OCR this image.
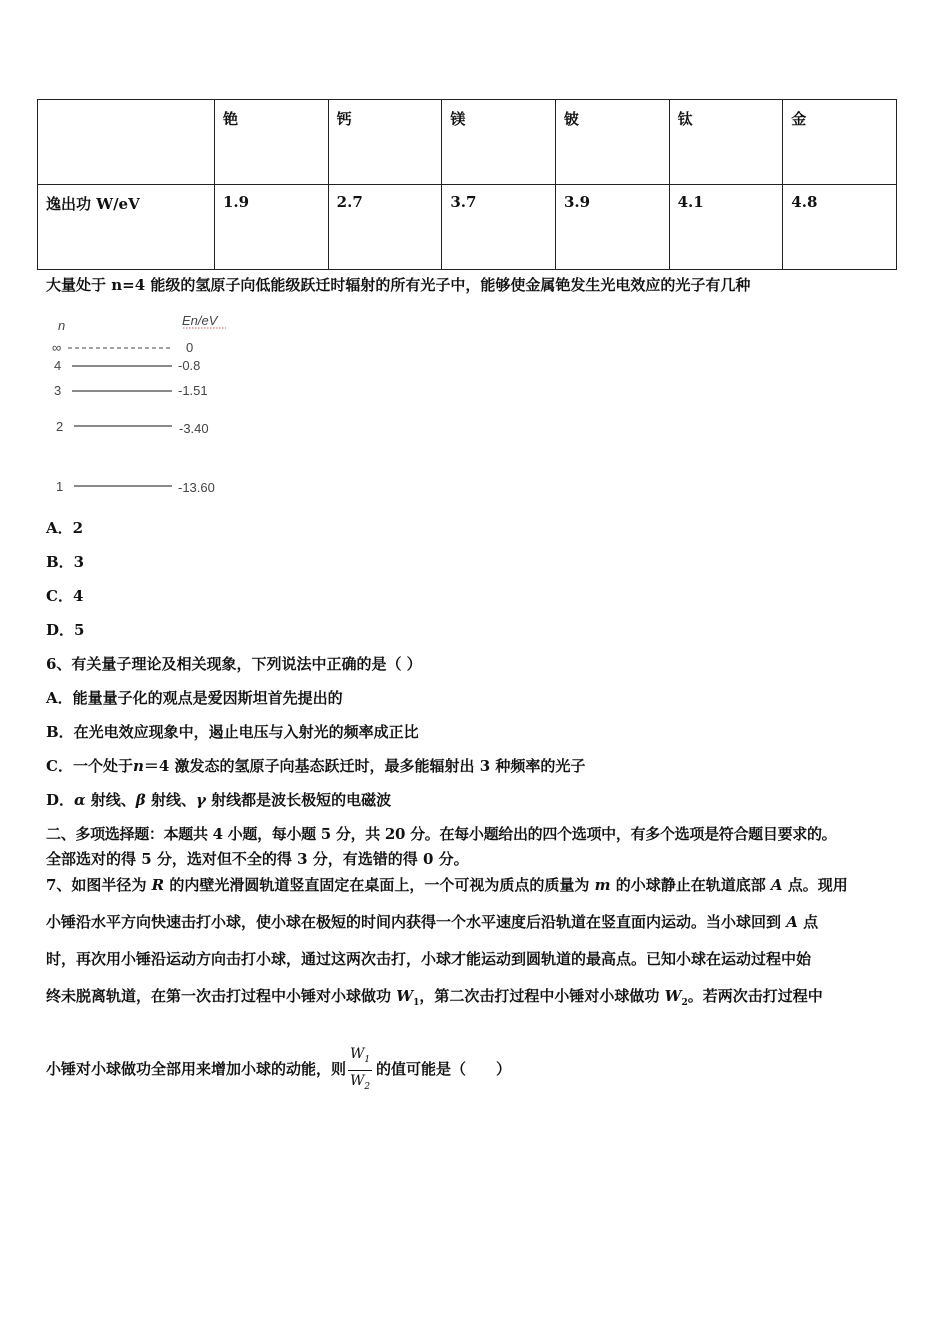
	铯	钙	镁	铍	钛	金
逸出功 W/eV	1.9	2.7	3.7	3.9	4.1	4.8
大量处于 n=4 能级的氢原子向低能级跃迁时辐射的所有光子中，能够使金属铯发生光电效应的光子有几种
n	En/eV
∞	0
4	-0.8
3	-1.51
2	-3.40
1	-13.60
A．2
B．3
C．4
D．5
6、有关量子理论及相关现象，下列说法中正确的是（ ）
A．能量量子化的观点是爱因斯坦首先提出的
B．在光电效应现象中，遏止电压与入射光的频率成正比
C．一个处于n＝4 激发态的氢原子向基态跃迁时，最多能辐射出 3 种频率的光子
D．α 射线、β 射线、γ 射线都是波长极短的电磁波
二、多项选择题：本题共 4 小题，每小题 5 分，共 20 分。在每小题给出的四个选项中，有多个选项是符合题目要求的。
全部选对的得 5 分，选对但不全的得 3 分，有选错的得 0 分。
7、如图半径为 R 的内壁光滑圆轨道竖直固定在桌面上，一个可视为质点的质量为 m 的小球静止在轨道底部 A 点。现用
小锤沿水平方向快速击打小球，使小球在极短的时间内获得一个水平速度后沿轨道在竖直面内运动。当小球回到 A 点
时，再次用小锤沿运动方向击打小球，通过这两次击打，小球才能运动到圆轨道的最高点。已知小球在运动过程中始
终未脱离轨道，在第一次击打过程中小锤对小球做功 $W_1$，第二次击打过程中小锤对小球做功 $W_2$。若两次击打过程中
小锤对小球做功全部用来增加小球的动能，则 $\frac{W_1}{W_2}$ 的值可能是（　　）
